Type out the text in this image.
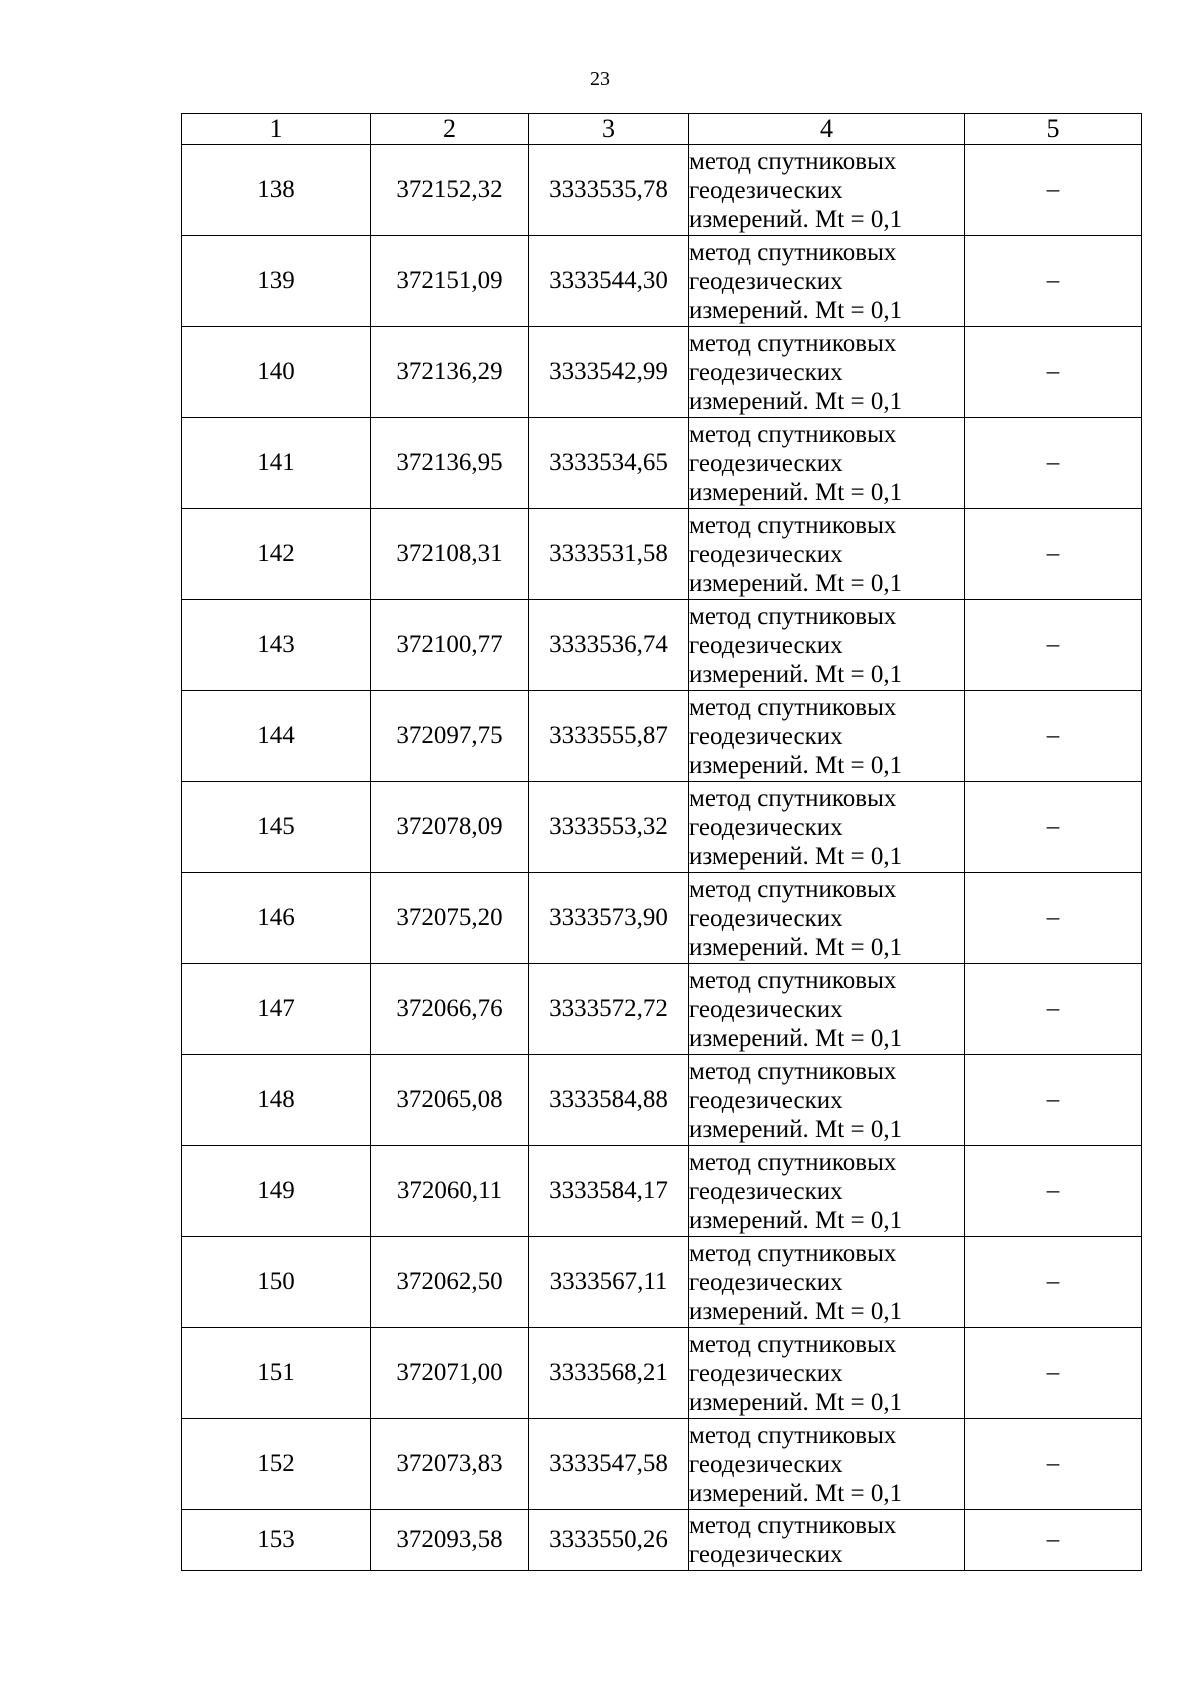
23
1	2	3	4	5
138	372152,32	3333535,78	метод спутниковых
геодезических
измерений. Mt = 0,1	–
139	372151,09	3333544,30	метод спутниковых
геодезических
измерений. Mt = 0,1	–
140	372136,29	3333542,99	метод спутниковых
геодезических
измерений. Mt = 0,1	–
141	372136,95	3333534,65	метод спутниковых
геодезических
измерений. Mt = 0,1	–
142	372108,31	3333531,58	метод спутниковых
геодезических
измерений. Mt = 0,1	–
143	372100,77	3333536,74	метод спутниковых
геодезических
измерений. Mt = 0,1	–
144	372097,75	3333555,87	метод спутниковых
геодезических
измерений. Mt = 0,1	–
145	372078,09	3333553,32	метод спутниковых
геодезических
измерений. Mt = 0,1	–
146	372075,20	3333573,90	метод спутниковых
геодезических
измерений. Mt = 0,1	–
147	372066,76	3333572,72	метод спутниковых
геодезических
измерений. Mt = 0,1	–
148	372065,08	3333584,88	метод спутниковых
геодезических
измерений. Mt = 0,1	–
149	372060,11	3333584,17	метод спутниковых
геодезических
измерений. Mt = 0,1	–
150	372062,50	3333567,11	метод спутниковых
геодезических
измерений. Mt = 0,1	–
151	372071,00	3333568,21	метод спутниковых
геодезических
измерений. Mt = 0,1	–
152	372073,83	3333547,58	метод спутниковых
геодезических
измерений. Mt = 0,1	–
153	372093,58	3333550,26	метод спутниковых
геодезических	–
